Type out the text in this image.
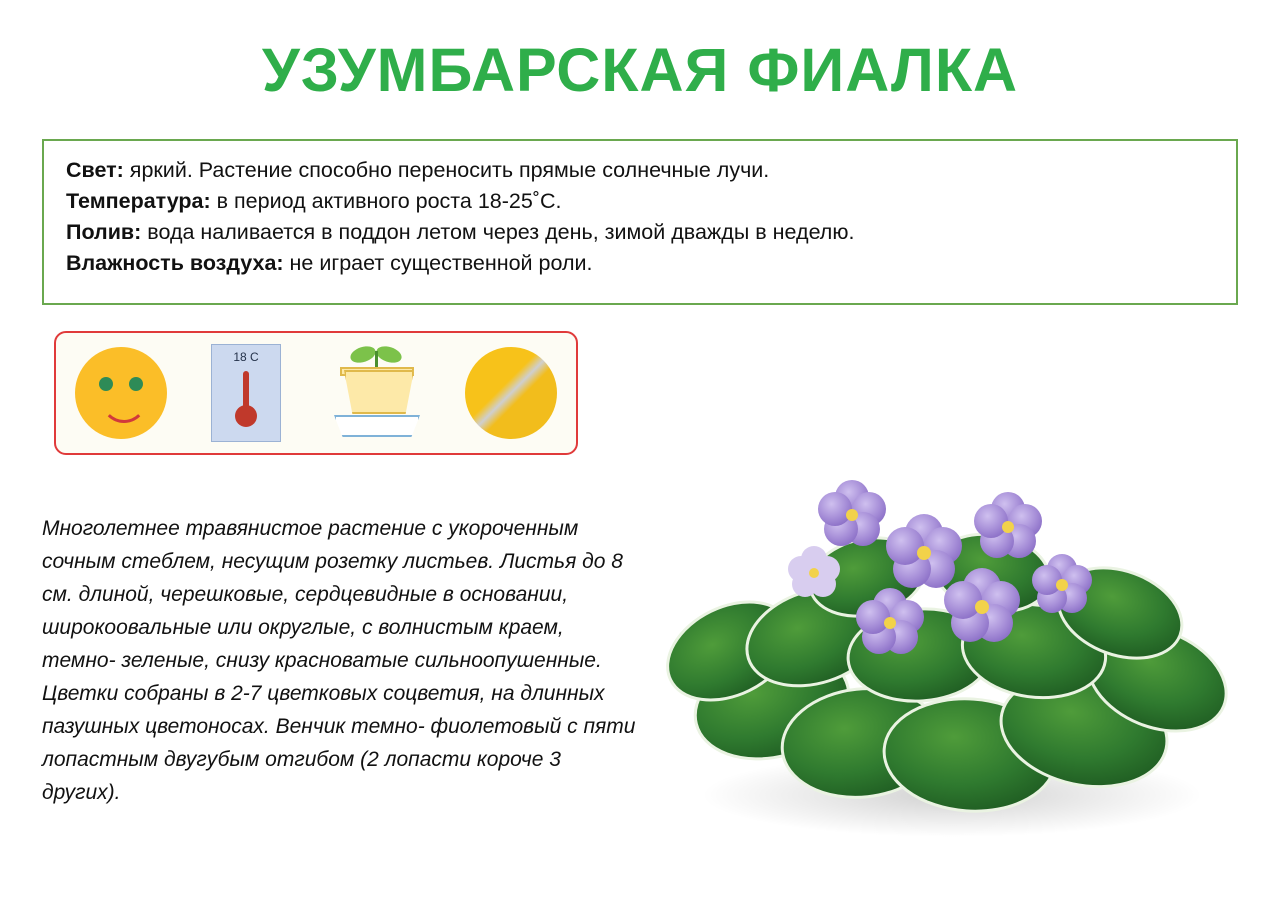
УЗУМБАРСКАЯ ФИАЛКА
Свет: яркий. Растение способно переносить прямые солнечные лучи.
Температура: в период активного роста 18-25˚С.
Полив: вода наливается в поддон летом через день, зимой дважды в неделю.
Влажность воздуха: не играет существенной роли.
18 С
Многолетнее травянистое растение с укороченным сочным стеблем, несущим розетку листьев. Листья до 8 см. длиной, черешковые, сердцевидные в основании, широкоовальные или округлые, с волнистым краем, темно- зеленые, снизу красноватые сильноопушенные. Цветки собраны в 2-7 цветковых соцветия, на длинных пазушных цветоносах. Венчик темно- фиолетовый с пяти лопастным двугубым отгибом (2 лопасти короче 3 других).
